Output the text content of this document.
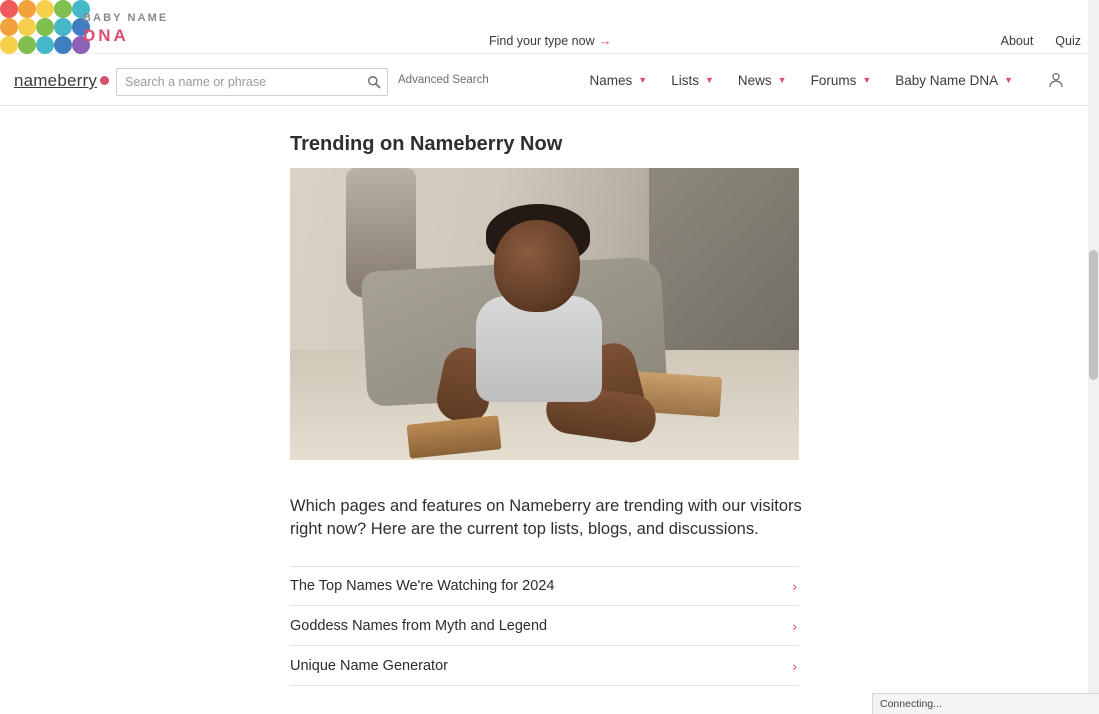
BABY NAME
DNA	Find your type now →	About Quiz
nameberry
Search a name or phrase	Advanced Search	Names ▼ Lists ▼ News ▼ Forums ▼ Baby Name DNA ▼
Trending on Nameberry Now

Which pages and features on Nameberry are trending with our visitors right now? Here are the current top lists, blogs, and discussions.

The Top Names We're Watching for 2024	›
Goddess Names from Myth and Legend	›
Unique Name Generator	›
Connecting...
